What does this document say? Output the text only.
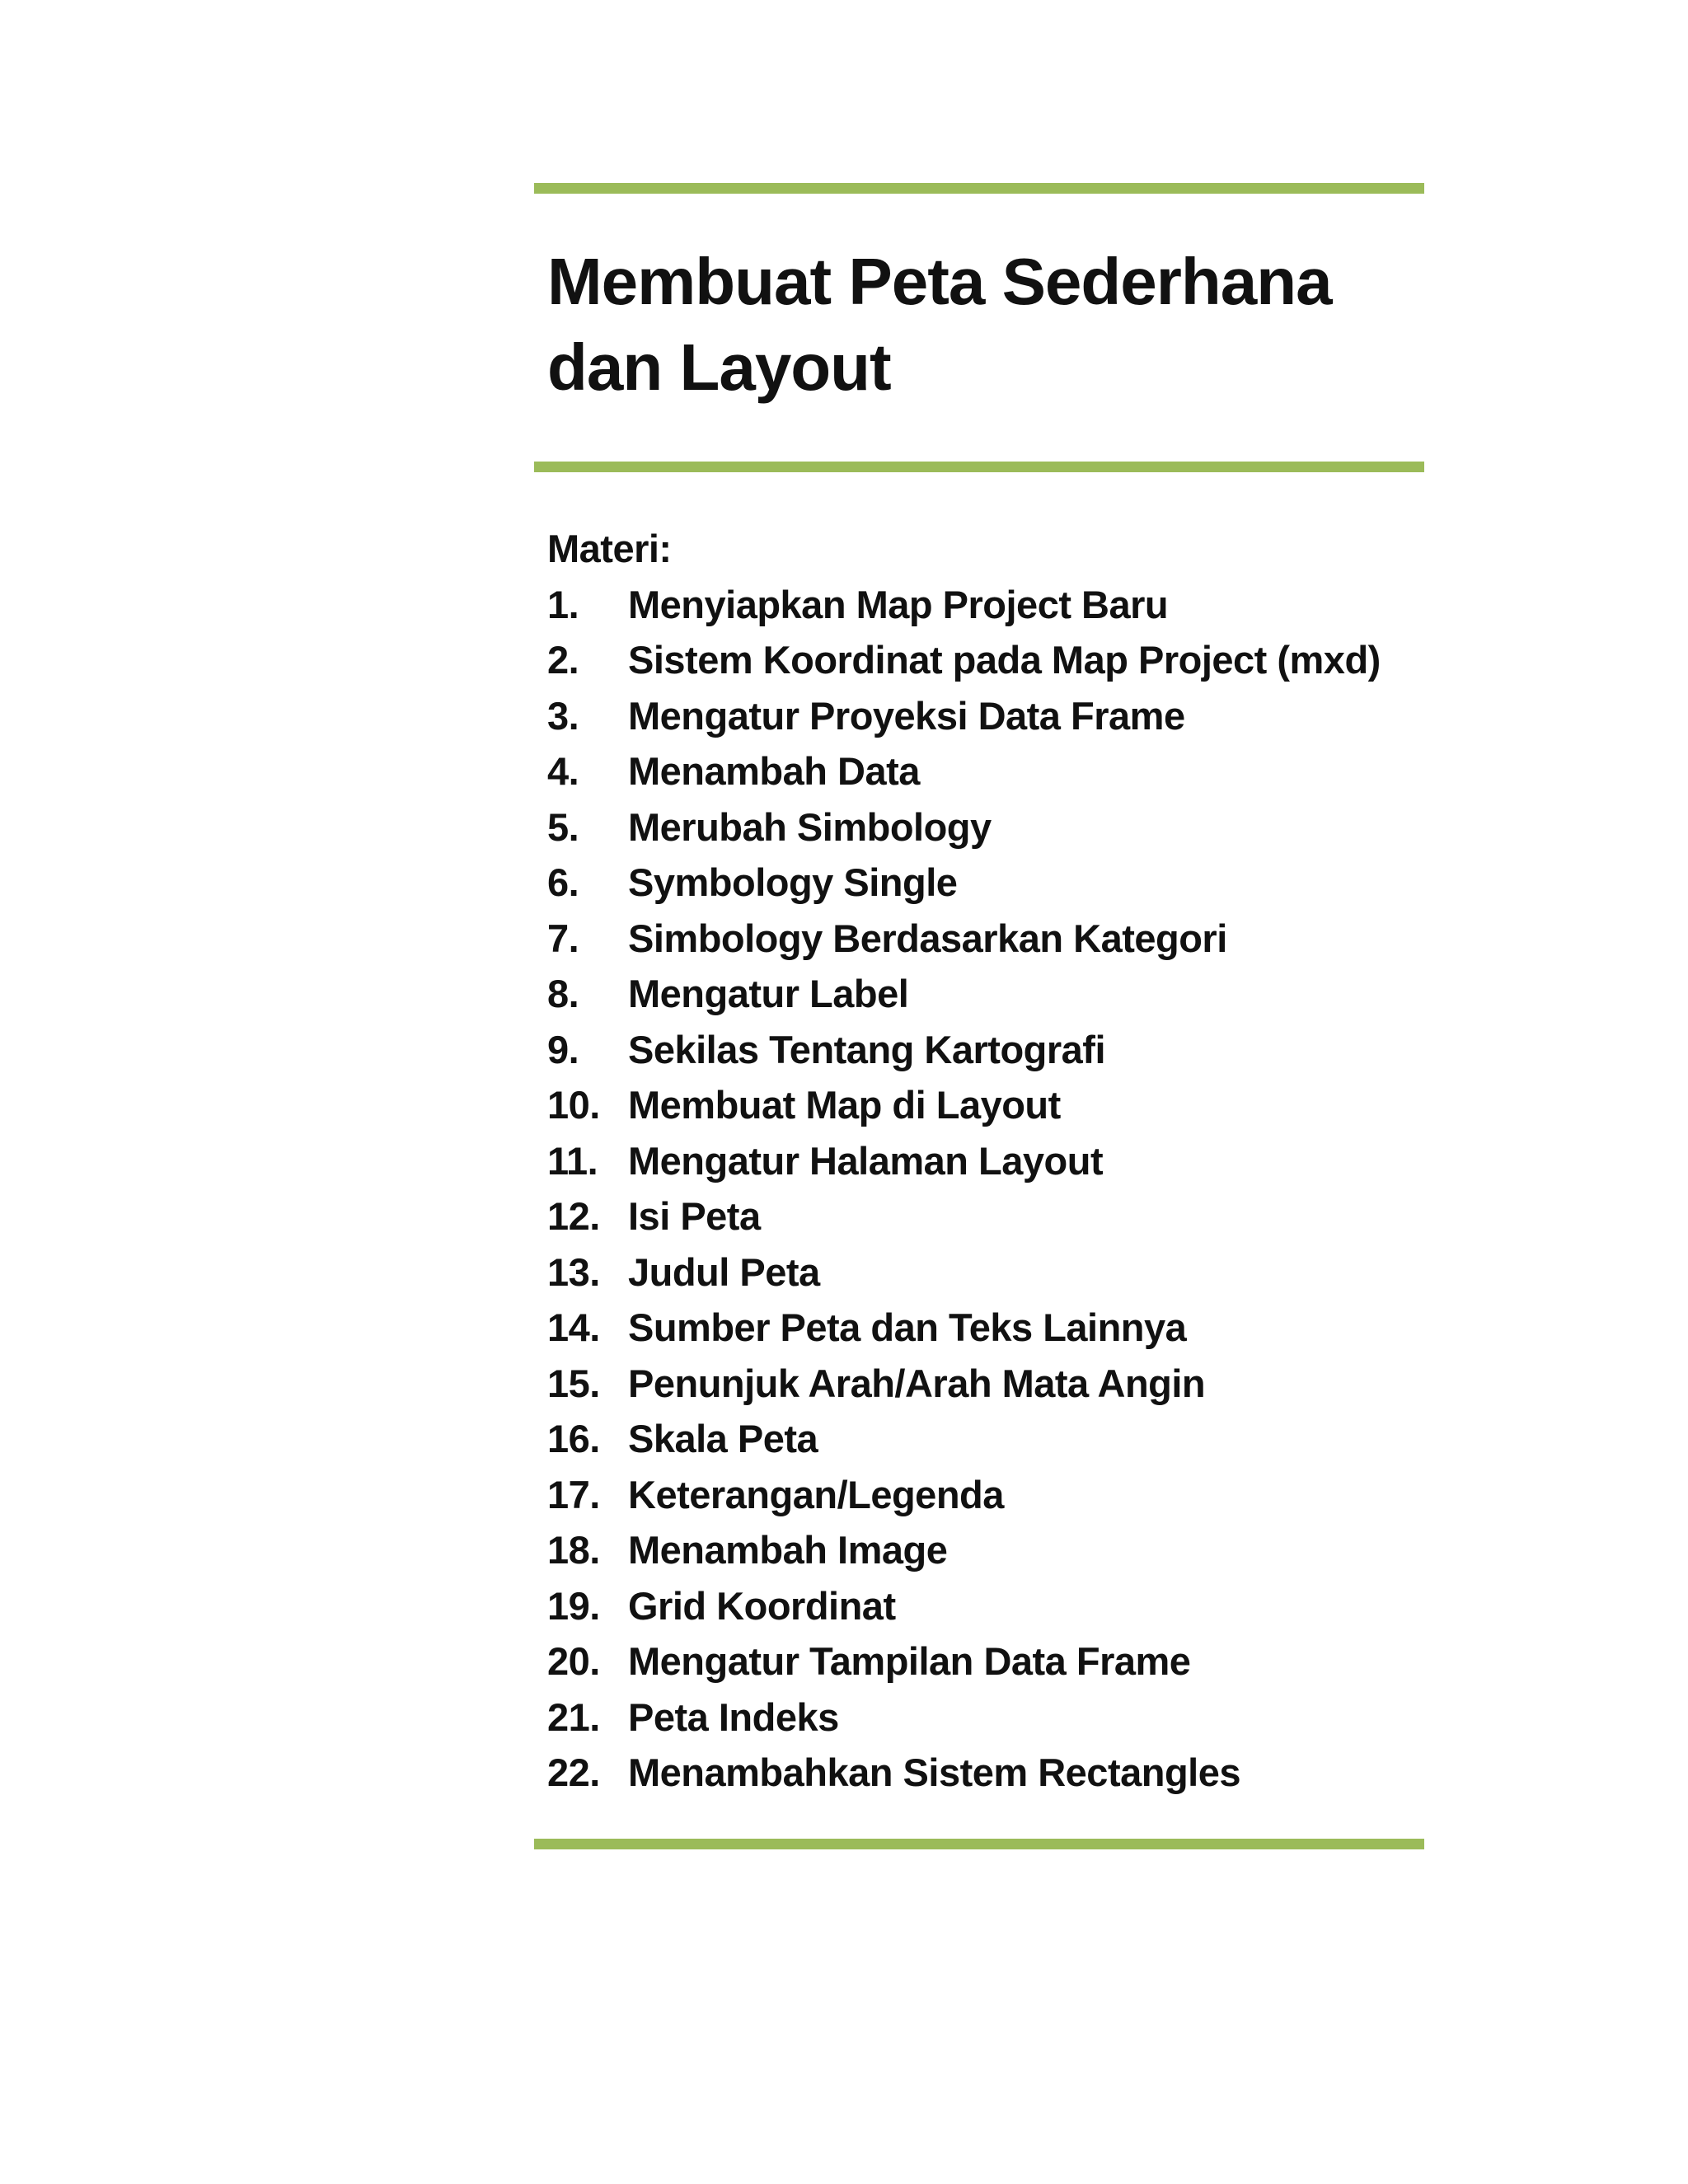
Membuat Peta Sederhana dan Layout
Materi:
1.	Menyiapkan Map Project Baru
2.	Sistem Koordinat pada Map Project (mxd)
3.	Mengatur Proyeksi Data Frame
4.	Menambah Data
5.	Merubah Simbology
6.	Symbology Single
7.	Simbology Berdasarkan Kategori
8.	Mengatur Label
9.	Sekilas Tentang Kartografi
10. Membuat Map di Layout
11. Mengatur Halaman Layout
12. Isi Peta
13. Judul Peta
14. Sumber Peta dan Teks Lainnya
15. Penunjuk Arah/Arah Mata Angin
16. Skala Peta
17. Keterangan/Legenda
18. Menambah Image
19. Grid Koordinat
20. Mengatur Tampilan Data Frame
21. Peta Indeks
22. Menambahkan Sistem Rectangles
